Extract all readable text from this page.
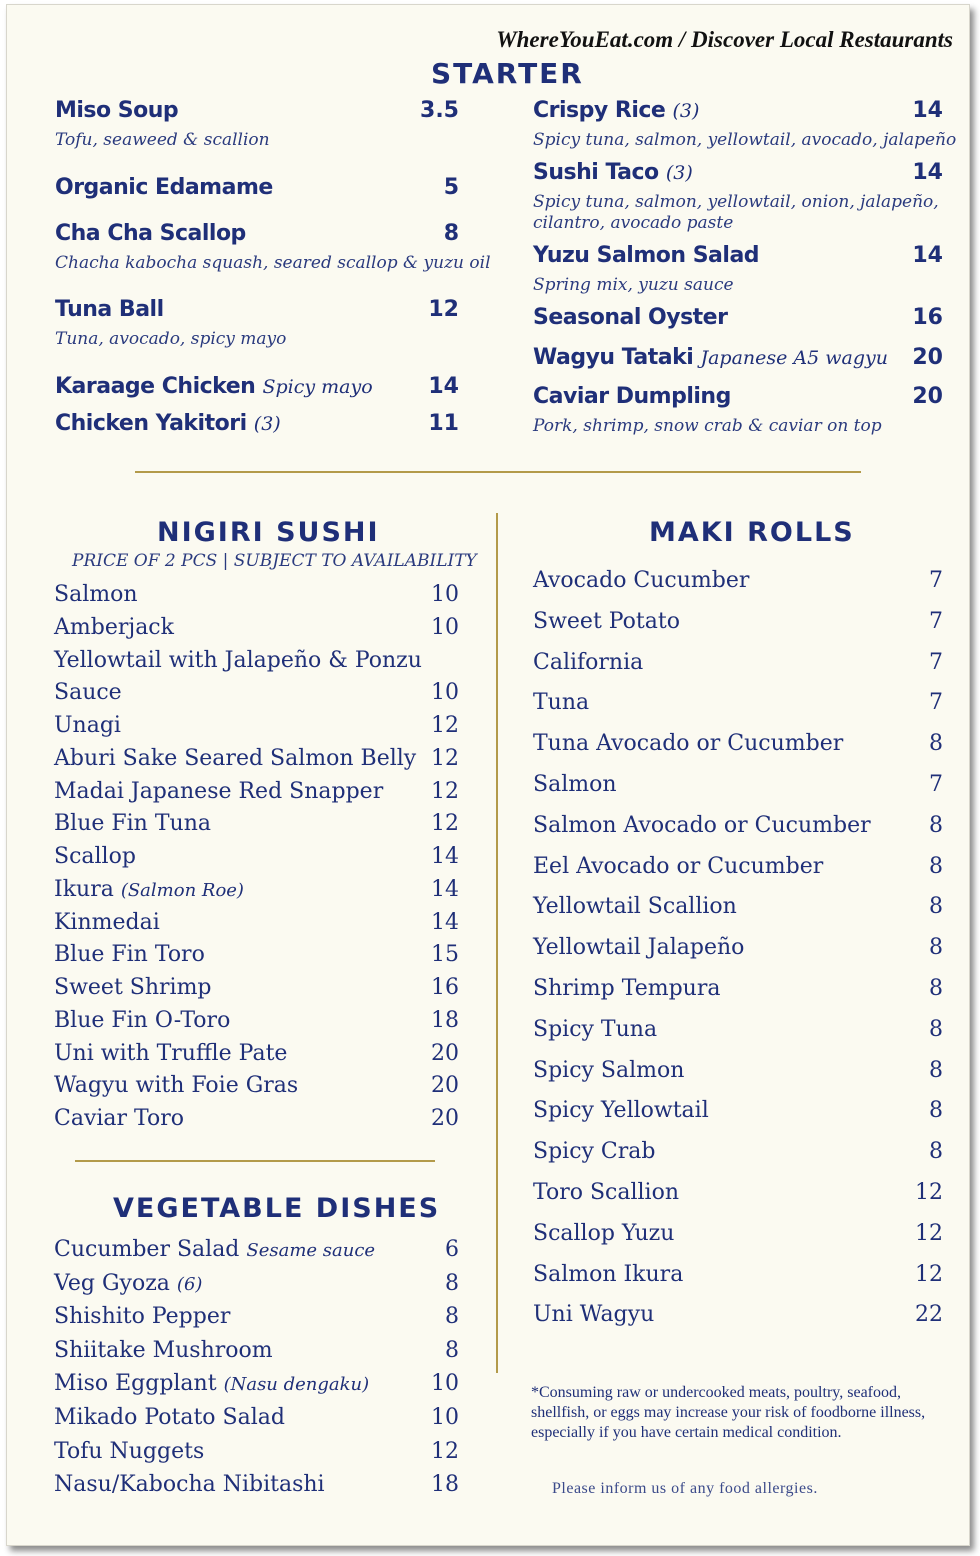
WhereYouEat.com / Discover Local Restaurants
STARTER
Miso Soup	3.5
Tofu, seaweed & scallion
Organic Edamame	5
Cha Cha Scallop	8
Chacha kabocha squash, seared scallop & yuzu oil
Tuna Ball	12
Tuna, avocado, spicy mayo
Karaage Chicken Spicy mayo	14
Chicken Yakitori (3)	11
Crispy Rice (3)	14
Spicy tuna, salmon, yellowtail, avocado, jalapeño
Sushi Taco (3)	14
Spicy tuna, salmon, yellowtail, onion, jalapeño,
cilantro, avocado paste
Yuzu Salmon Salad	14
Spring mix, yuzu sauce
Seasonal Oyster	16
Wagyu Tataki Japanese A5 wagyu	20
Caviar Dumpling	20
Pork, shrimp, snow crab & caviar on top
NIGIRI SUSHI
PRICE OF 2 PCS | SUBJECT TO AVAILABILITY
Salmon	10
Amberjack	10
Yellowtail with Jalapeño & Ponzu
Sauce	10
Unagi	12
Aburi Sake Seared Salmon Belly 12
Madai Japanese Red Snapper	12
Blue Fin Tuna	12
Scallop	14
Ikura (Salmon Roe)	14
Kinmedai	14
Blue Fin Toro	15
Sweet Shrimp	16
Blue Fin O-Toro	18
Uni with Truffle Pate	20
Wagyu with Foie Gras	20
Caviar Toro	20
VEGETABLE DISHES
Cucumber Salad Sesame sauce	6
Veg Gyoza (6)	8
Shishito Pepper	8
Shiitake Mushroom	8
Miso Eggplant (Nasu dengaku)	10
Mikado Potato Salad	10
Tofu Nuggets	12
Nasu/Kabocha Nibitashi	18
MAKI ROLLS
Avocado Cucumber	7
Sweet Potato	7
California	7
Tuna	7
Tuna Avocado or Cucumber	8
Salmon	7
Salmon Avocado or Cucumber	8
Eel Avocado or Cucumber	8
Yellowtail Scallion	8
Yellowtail Jalapeño	8
Shrimp Tempura	8
Spicy Tuna	8
Spicy Salmon	8
Spicy Yellowtail	8
Spicy Crab	8
Toro Scallion	12
Scallop Yuzu	12
Salmon Ikura	12
Uni Wagyu	22
*Consuming raw or undercooked meats, poultry, seafood, shellfish, or eggs may increase your risk of foodborne illness, especially if you have certain medical condition.
Please inform us of any food allergies.
